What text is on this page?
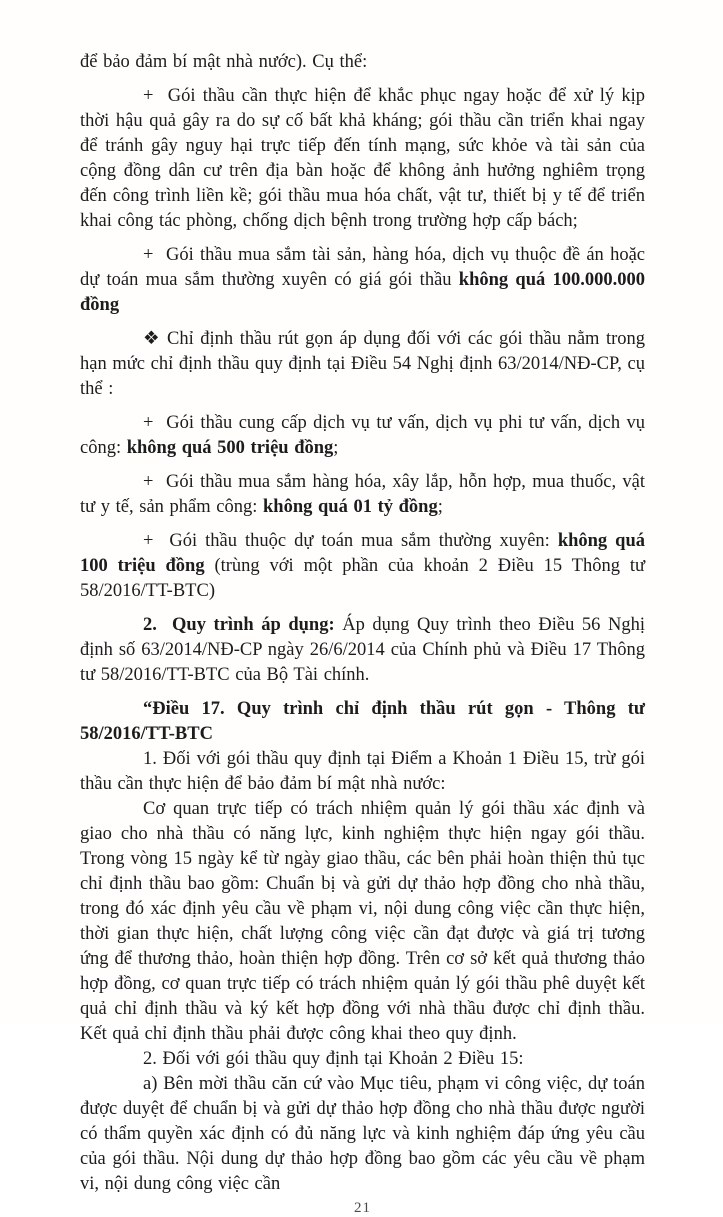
để bảo đảm bí mật nhà nước). Cụ thể:

+  Gói thầu cần thực hiện để khắc phục ngay hoặc để xử lý kịp thời hậu quả gây ra do sự cố bất khả kháng; gói thầu cần triển khai ngay để tránh gây nguy hại trực tiếp đến tính mạng, sức khỏe và tài sản của cộng đồng dân cư trên địa bàn hoặc để không ảnh hưởng nghiêm trọng đến công trình liền kề; gói thầu mua hóa chất, vật tư, thiết bị y tế để triển khai công tác phòng, chống dịch bệnh trong trường hợp cấp bách;

+  Gói thầu mua sắm tài sản, hàng hóa, dịch vụ thuộc đề án hoặc dự toán mua sắm thường xuyên có giá gói thầu không quá 100.000.000 đồng

❖ Chỉ định thầu rút gọn áp dụng đối với các gói thầu nằm trong hạn mức chỉ định thầu quy định tại Điều 54 Nghị định 63/2014/NĐ-CP, cụ thể :

+  Gói thầu cung cấp dịch vụ tư vấn, dịch vụ phi tư vấn, dịch vụ công: không quá 500 triệu đồng;

+  Gói thầu mua sắm hàng hóa, xây lắp, hỗn hợp, mua thuốc, vật tư y tế, sản phẩm công: không quá 01 tỷ đồng;

+  Gói thầu thuộc dự toán mua sắm thường xuyên: không quá 100 triệu đồng (trùng với một phần của khoản 2 Điều 15 Thông tư 58/2016/TT-BTC)

2.  Quy trình áp dụng: Áp dụng Quy trình theo Điều 56 Nghị định số 63/2014/NĐ-CP ngày 26/6/2014 của Chính phủ và Điều 17 Thông tư 58/2016/TT-BTC của Bộ Tài chính.

“Điều 17. Quy trình chỉ định thầu rút gọn - Thông tư 58/2016/TT-BTC

1. Đối với gói thầu quy định tại Điểm a Khoản 1 Điều 15, trừ gói thầu cần thực hiện để bảo đảm bí mật nhà nước:

Cơ quan trực tiếp có trách nhiệm quản lý gói thầu xác định và giao cho nhà thầu có năng lực, kinh nghiệm thực hiện ngay gói thầu. Trong vòng 15 ngày kể từ ngày giao thầu, các bên phải hoàn thiện thủ tục chỉ định thầu bao gồm: Chuẩn bị và gửi dự thảo hợp đồng cho nhà thầu, trong đó xác định yêu cầu về phạm vi, nội dung công việc cần thực hiện, thời gian thực hiện, chất lượng công việc cần đạt được và giá trị tương ứng để thương thảo, hoàn thiện hợp đồng. Trên cơ sở kết quả thương thảo hợp đồng, cơ quan trực tiếp có trách nhiệm quản lý gói thầu phê duyệt kết quả chỉ định thầu và ký kết hợp đồng với nhà thầu được chỉ định thầu. Kết quả chỉ định thầu phải được công khai theo quy định.

2. Đối với gói thầu quy định tại Khoản 2 Điều 15:

a) Bên mời thầu căn cứ vào Mục tiêu, phạm vi công việc, dự toán được duyệt để chuẩn bị và gửi dự thảo hợp đồng cho nhà thầu được người có thẩm quyền xác định có đủ năng lực và kinh nghiệm đáp ứng yêu cầu của gói thầu. Nội dung dự thảo hợp đồng bao gồm các yêu cầu về phạm vi, nội dung công việc cần

21
